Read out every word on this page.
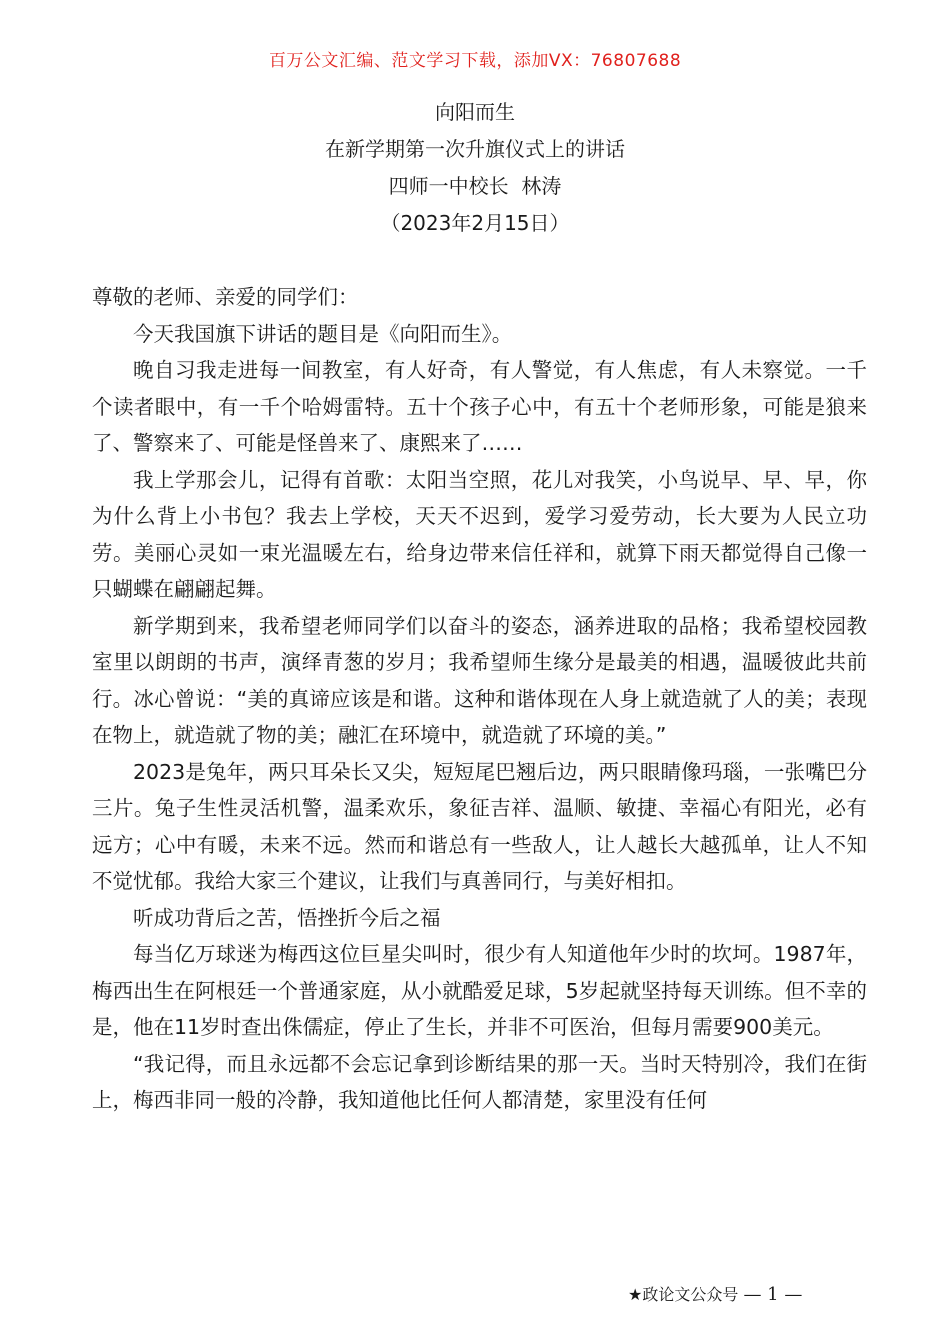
百万公文汇编、范文学习下载，添加VX：76807688
向阳而生
在新学期第一次升旗仪式上的讲话
四师一中校长  林涛
（2023年2月15日）

尊敬的老师、亲爱的同学们：

今天我国旗下讲话的题目是《向阳而生》。

晚自习我走进每一间教室，有人好奇，有人警觉，有人焦虑，有人未察觉。一千个读者眼中，有一千个哈姆雷特。五十个孩子心中，有五十个老师形象，可能是狼来了、警察来了、可能是怪兽来了、康熙来了……

我上学那会儿，记得有首歌：太阳当空照，花儿对我笑，小鸟说早、早、早，你为什么背上小书包？我去上学校，天天不迟到，爱学习爱劳动，长大要为人民立功劳。美丽心灵如一束光温暖左右，给身边带来信任祥和，就算下雨天都觉得自己像一只蝴蝶在翩翩起舞。

新学期到来，我希望老师同学们以奋斗的姿态，涵养进取的品格；我希望校园教室里以朗朗的书声，演绎青葱的岁月；我希望师生缘分是最美的相遇，温暖彼此共前行。冰心曾说：“美的真谛应该是和谐。这种和谐体现在人身上就造就了人的美；表现在物上，就造就了物的美；融汇在环境中，就造就了环境的美。”

2023是兔年，两只耳朵长又尖，短短尾巴翘后边，两只眼睛像玛瑙，一张嘴巴分三片。兔子生性灵活机警，温柔欢乐，象征吉祥、温顺、敏捷、幸福心有阳光，必有远方；心中有暖，未来不远。然而和谐总有一些敌人，让人越长大越孤单，让人不知不觉忧郁。我给大家三个建议，让我们与真善同行，与美好相扣。

听成功背后之苦，悟挫折今后之福

每当亿万球迷为梅西这位巨星尖叫时，很少有人知道他年少时的坎坷。1987年，梅西出生在阿根廷一个普通家庭，从小就酷爱足球，5岁起就坚持每天训练。但不幸的是，他在11岁时查出侏儒症，停止了生长，并非不可医治，但每月需要900美元。

“我记得，而且永远都不会忘记拿到诊断结果的那一天。当时天特别冷，我们在街上，梅西非同一般的冷静，我知道他比任何人都清楚，家里没有任何

★政论文公众号 — 1 —
